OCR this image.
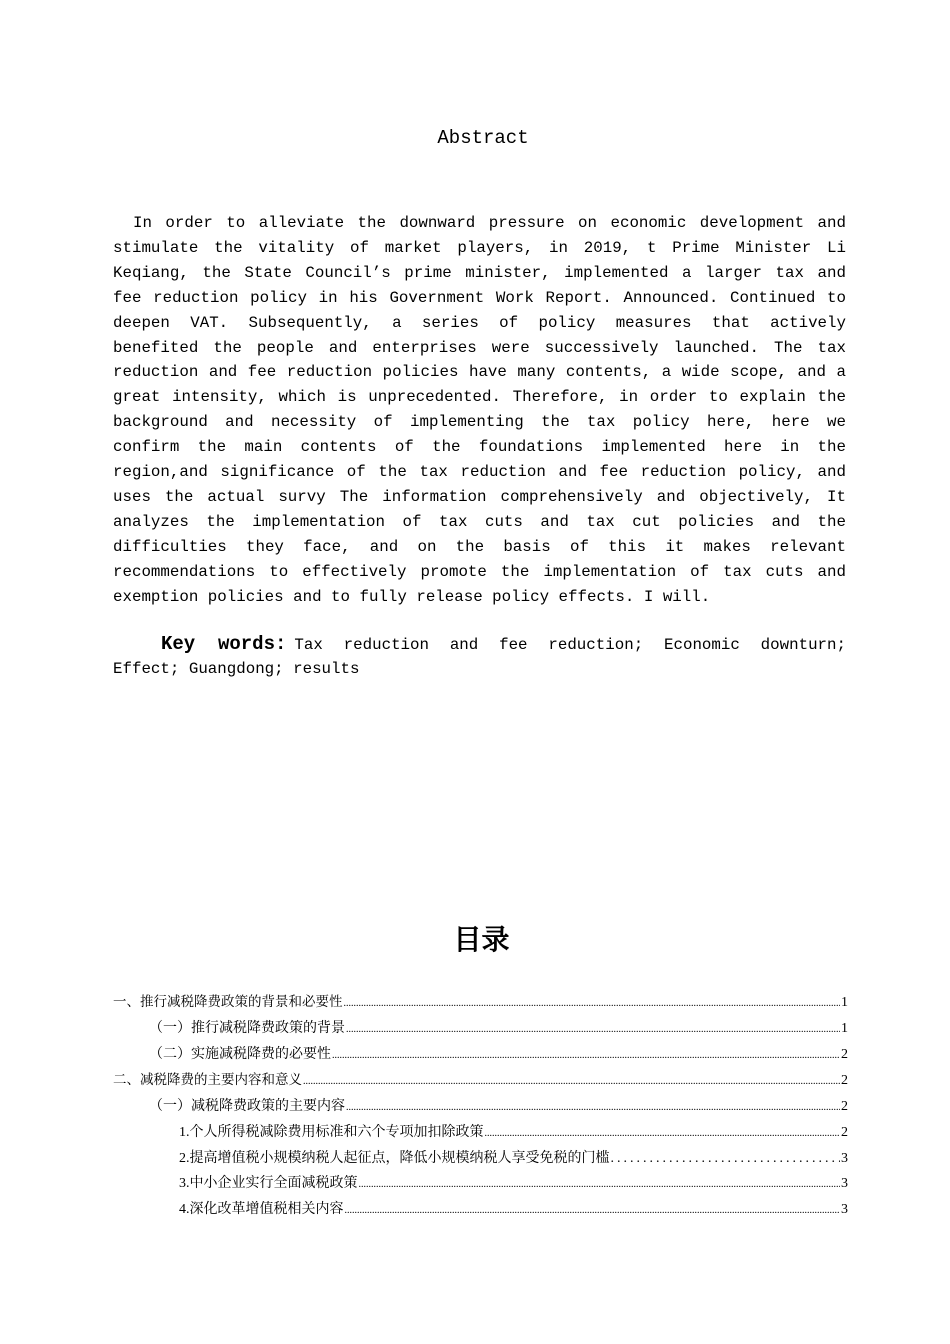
Abstract
In order to alleviate the downward pressure on economic development and
stimulate the vitality of market players, in 2019, t Prime Minister Li
Keqiang, the State Council’s prime minister, implemented a larger tax and
fee reduction policy in his Government Work Report. Announced. Continued to
deepen VAT. Subsequently, a series of policy measures that actively
benefited the people and enterprises were successively launched. The tax
reduction and fee reduction policies have many contents, a wide scope, and a
great intensity, which is unprecedented. Therefore, in order to explain the
background and necessity of implementing the tax policy here, here we
confirm the main contents of the foundations implemented here in the
region,and significance of the tax reduction and fee reduction policy, and
uses the actual survy The information comprehensively and objectively, It
analyzes the implementation of tax cuts and tax cut policies and the
difficulties they face, and on the basis of this it makes relevant
recommendations to effectively promote the implementation of tax cuts and
exemption policies and to fully release policy effects. I will.
Key words: Tax reduction and fee reduction; Economic downturn;
Effect; Guangdong; results
目录
一、推行减税降费政策的背景和必要性 .....	1
（一）推行减税降费政策的背景 .....	1
（二）实施减税降费的必要性 .....	2
二、减税降费的主要内容和意义 .....	2
（一）减税降费政策的主要内容 .....	2
1.个人所得税减除费用标准和六个专项加扣除政策 .....	2
2.提高增值税小规模纳税人起征点，降低小规模纳税人享受免税的门槛 .....	3
3.中小企业实行全面减税政策 .....	3
4.深化改革增值税相关内容 .....	3
